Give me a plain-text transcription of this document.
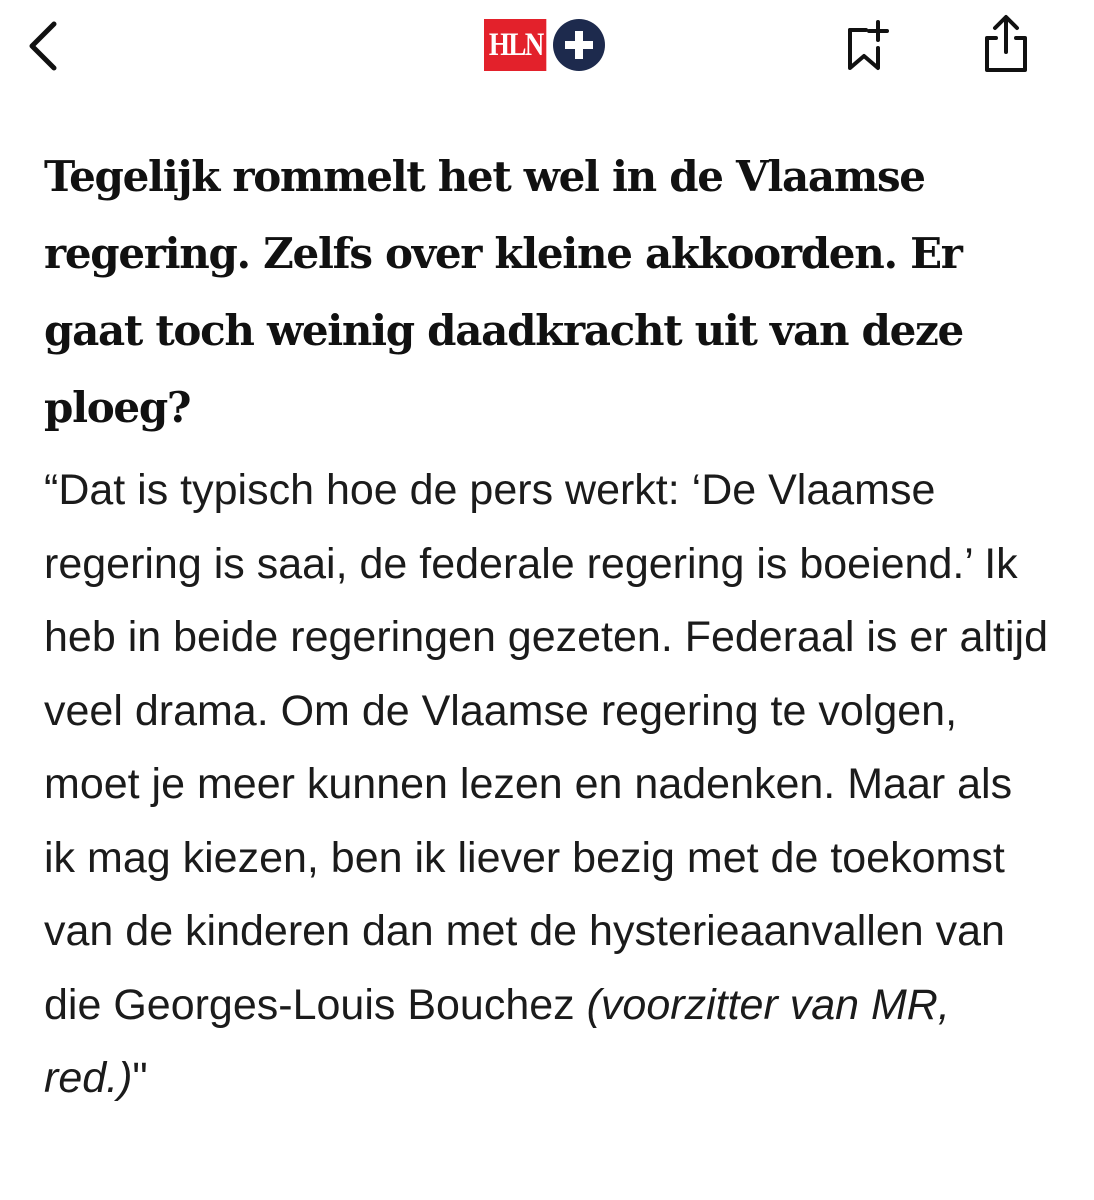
HLN
Tegelijk rommelt het wel in de Vlaamse regering. Zelfs over kleine akkoorden. Er gaat toch weinig daadkracht uit van deze ploeg?

“Dat is typisch hoe de pers werkt: ‘De Vlaamse regering is saai, de federale regering is boeiend.’ Ik heb in beide regeringen gezeten. Federaal is er altijd veel drama. Om de Vlaamse regering te volgen, moet je meer kunnen lezen en nadenken. Maar als ik mag kiezen, ben ik liever bezig met de toekomst van de kinderen dan met de hysterieaanvallen van die Georges-Louis Bouchez (voorzitter van MR, red.)"
